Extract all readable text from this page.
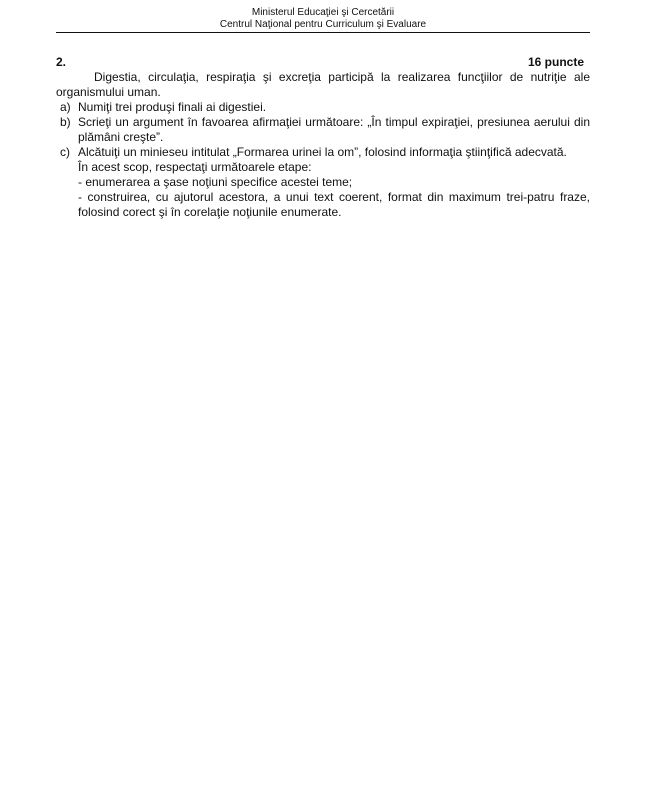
Ministerul Educaţiei şi Cercetării
Centrul Naţional pentru Curriculum şi Evaluare
2.	16 puncte

Digestia, circulaţia, respiraţia şi excreţia participă la realizarea funcţiilor de nutriţie ale organismului uman.

a) Numiţi trei produşi finali ai digestiei.
b) Scrieţi un argument în favoarea afirmaţiei următoare: „În timpul expiraţiei, presiunea aerului din plămâni creşte”.
c) Alcătuiţi un minieseu intitulat „Formarea urinei la om”, folosind informaţia ştiinţifică adecvată.
În acest scop, respectaţi următoarele etape:
- enumerarea a şase noţiuni specifice acestei teme;
- construirea, cu ajutorul acestora, a unui text coerent, format din maximum trei-patru fraze, folosind corect şi în corelaţie noţiunile enumerate.
